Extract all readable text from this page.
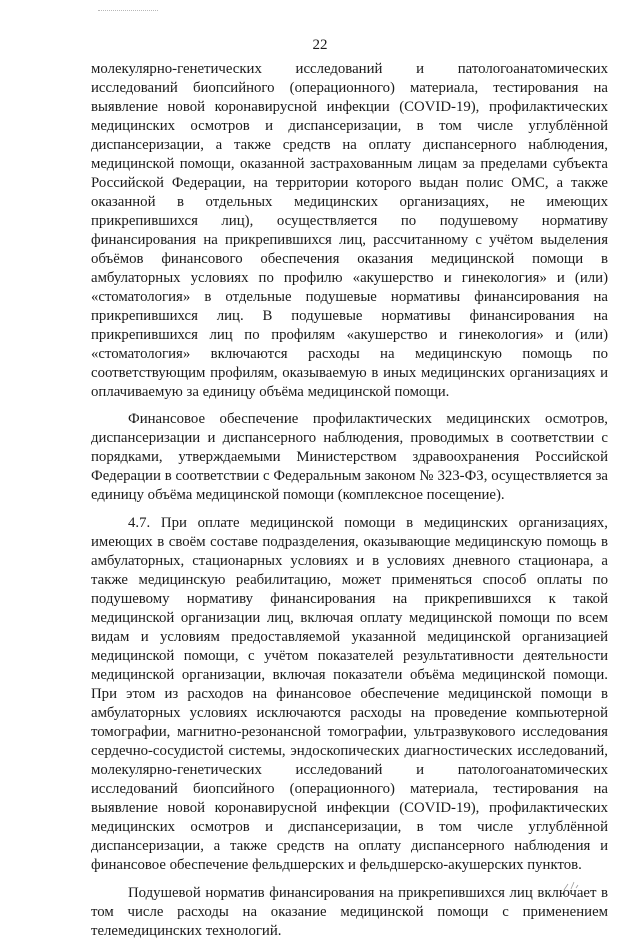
22

молекулярно-генетических исследований и патологоанатомических исследований биопсийного (операционного) материала, тестирования на выявление новой коронавирусной инфекции (COVID-19), профилактических медицинских осмотров и диспансеризации, в том числе углублённой диспансеризации, а также средств на оплату диспансерного наблюдения, медицинской помощи, оказанной застрахованным лицам за пределами субъекта Российской Федерации, на территории которого выдан полис ОМС, а также оказанной в отдельных медицинских организациях, не имеющих прикрепившихся лиц), осуществляется по подушевому нормативу финансирования на прикрепившихся лиц, рассчитанному с учётом выделения объёмов финансового обеспечения оказания медицинской помощи в амбулаторных условиях по профилю «акушерство и гинекология» и (или) «стоматология» в отдельные подушевые нормативы финансирования на прикрепившихся лиц. В подушевые нормативы финансирования на прикрепившихся лиц по профилям «акушерство и гинекология» и (или) «стоматология» включаются расходы на медицинскую помощь по соответствующим профилям, оказываемую в иных медицинских организациях и оплачиваемую за единицу объёма медицинской помощи.

Финансовое обеспечение профилактических медицинских осмотров, диспансеризации и диспансерного наблюдения, проводимых в соответствии с порядками, утверждаемыми Министерством здравоохранения Российской Федерации в соответствии с Федеральным законом № 323-ФЗ, осуществляется за единицу объёма медицинской помощи (комплексное посещение).

4.7. При оплате медицинской помощи в медицинских организациях, имеющих в своём составе подразделения, оказывающие медицинскую помощь в амбулаторных, стационарных условиях и в условиях дневного стационара, а также медицинскую реабилитацию, может применяться способ оплаты по подушевому нормативу финансирования на прикрепившихся к такой медицинской организации лиц, включая оплату медицинской помощи по всем видам и условиям предоставляемой указанной медицинской организацией медицинской помощи, с учётом показателей результативности деятельности медицинской организации, включая показатели объёма медицинской помощи. При этом из расходов на финансовое обеспечение медицинской помощи в амбулаторных условиях исключаются расходы на проведение компьютерной томографии, магнитно-резонансной томографии, ультразвукового исследования сердечно-сосудистой системы, эндоскопических диагностических исследований, молекулярно-генетических исследований и патологоанатомических исследований биопсийного (операционного) материала, тестирования на выявление новой коронавирусной инфекции (COVID-19), профилактических медицинских осмотров и диспансеризации, в том числе углублённой диспансеризации, а также средств на оплату диспансерного наблюдения и финансовое обеспечение фельдшерских и фельдшерско-акушерских пунктов.

Подушевой норматив финансирования на прикрепившихся лиц включает в том числе расходы на оказание медицинской помощи с применением телемедицинских технологий.
